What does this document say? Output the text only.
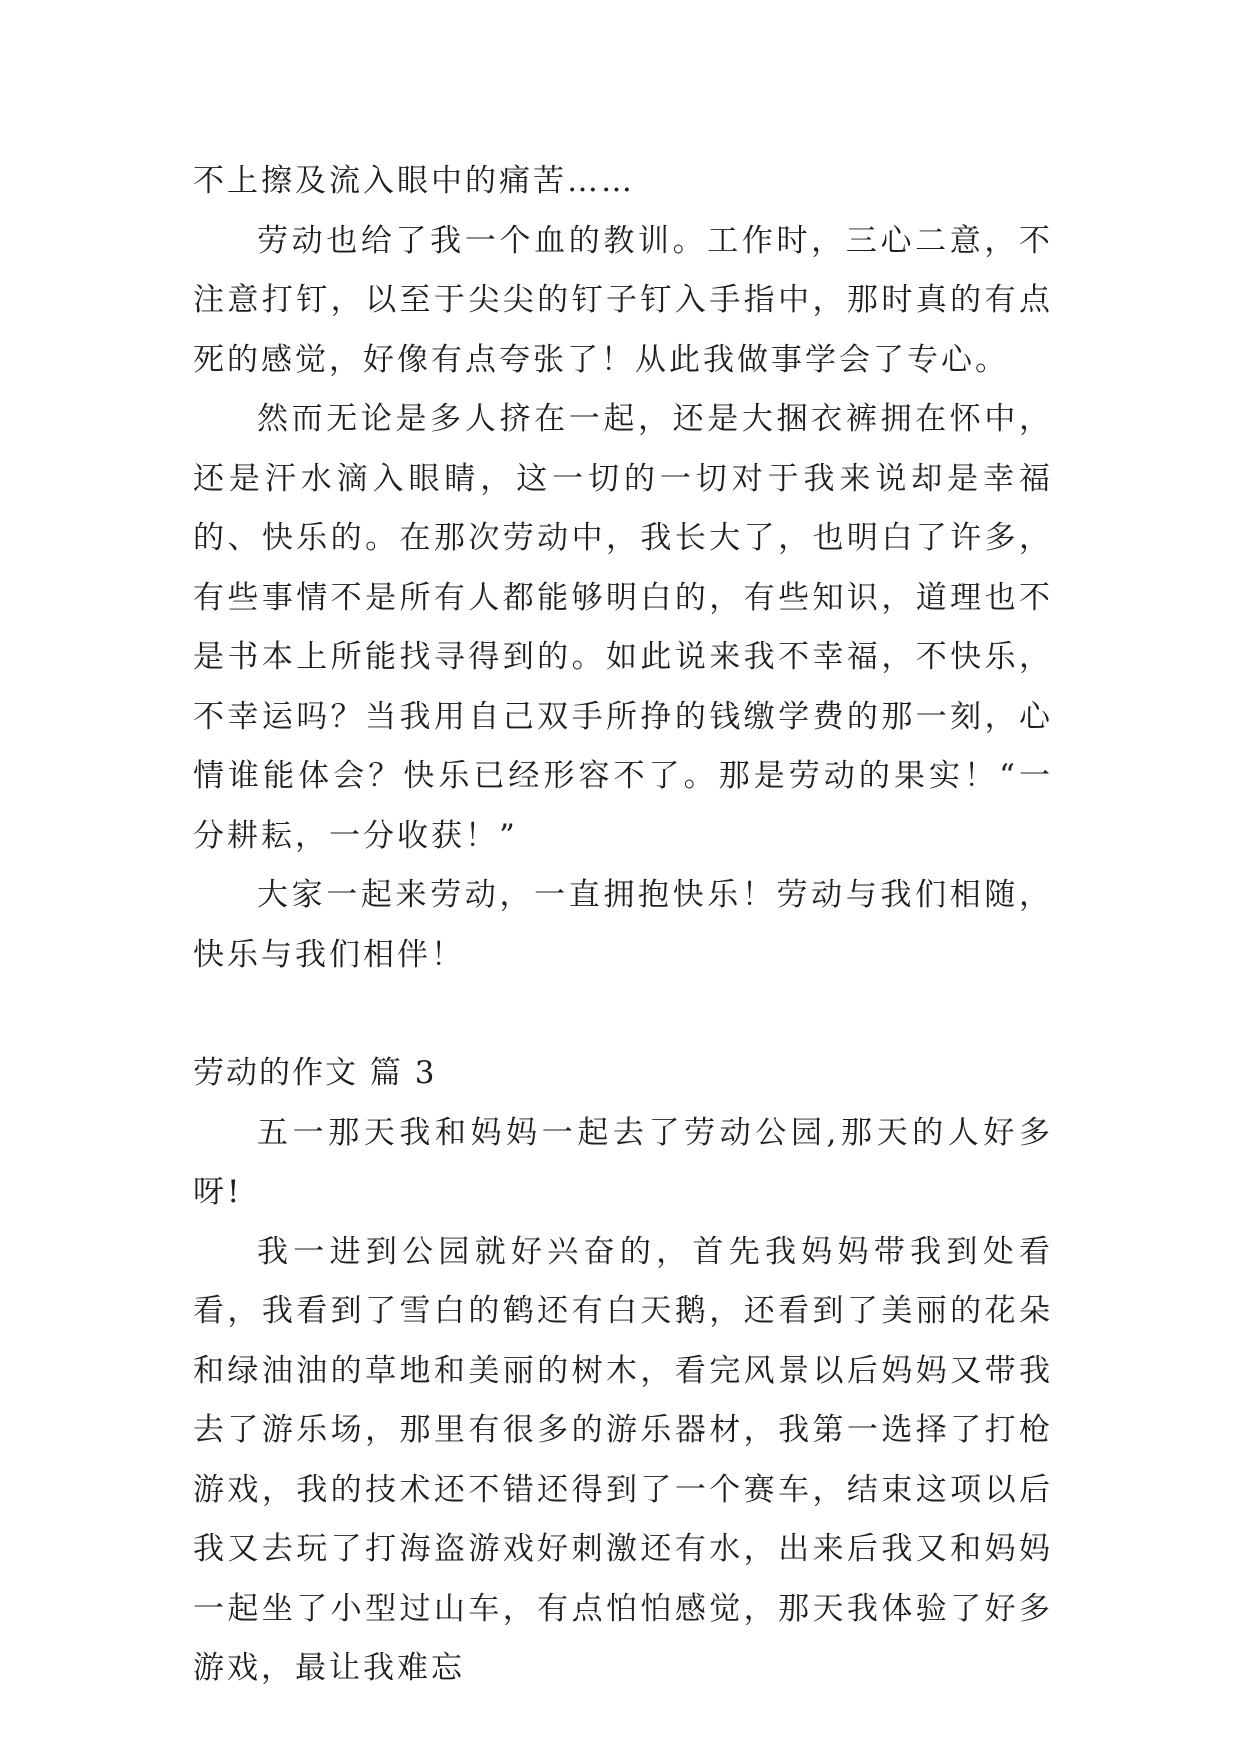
不上擦及流入眼中的痛苦……

劳动也给了我一个血的教训。工作时，三心二意，不注意打钉，以至于尖尖的钉子钉入手指中，那时真的有点死的感觉，好像有点夸张了！从此我做事学会了专心。

然而无论是多人挤在一起，还是大捆衣裤拥在怀中，还是汗水滴入眼睛，这一切的一切对于我来说却是幸福的、快乐的。在那次劳动中，我长大了，也明白了许多，有些事情不是所有人都能够明白的，有些知识，道理也不是书本上所能找寻得到的。如此说来我不幸福，不快乐，不幸运吗？当我用自己双手所挣的钱缴学费的那一刻，心情谁能体会？快乐已经形容不了。那是劳动的果实！“一分耕耘，一分收获！”

大家一起来劳动，一直拥抱快乐！劳动与我们相随，快乐与我们相伴！

劳动的作文 篇 3

五一那天我和妈妈一起去了劳动公园,那天的人好多呀!

我一进到公园就好兴奋的，首先我妈妈带我到处看看，我看到了雪白的鹤还有白天鹅，还看到了美丽的花朵和绿油油的草地和美丽的树木，看完风景以后妈妈又带我去了游乐场，那里有很多的游乐器材，我第一选择了打枪游戏，我的技术还不错还得到了一个赛车，结束这项以后我又去玩了打海盗游戏好刺激还有水，出来后我又和妈妈一起坐了小型过山车，有点怕怕感觉，那天我体验了好多游戏，最让我难忘
